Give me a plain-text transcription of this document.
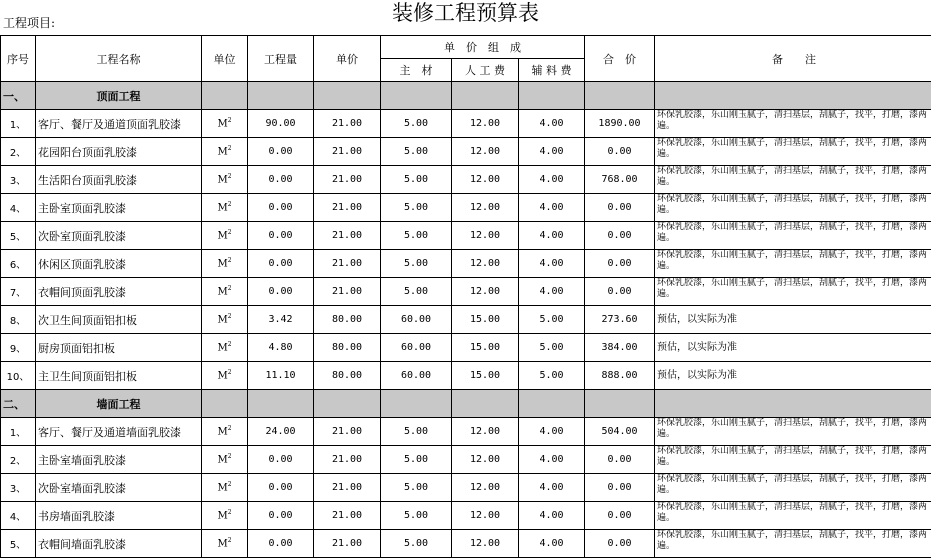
装修工程预算表
工程项目:
序号	工程名称	单位	工程量	单价	单　价　组　成			合　价	备　　注
					主　材	人 工 费	辅 料 费		
一、	顶面工程								
1、	客厅、餐厅及通道顶面乳胶漆	$M^2$	90.00	21.00	5.00	12.00	4.00	1890.00	环保乳胶漆，乐山刚玉腻子，清扫基层，刮腻子，找平，打磨，漆两遍。
2、	花园阳台顶面乳胶漆	$M^2$	0.00	21.00	5.00	12.00	4.00	0.00	环保乳胶漆，乐山刚玉腻子，清扫基层，刮腻子，找平，打磨，漆两遍。
3、	生活阳台顶面乳胶漆	$M^2$	0.00	21.00	5.00	12.00	4.00	768.00	环保乳胶漆，乐山刚玉腻子，清扫基层，刮腻子，找平，打磨，漆两遍。
4、	主卧室顶面乳胶漆	$M^2$	0.00	21.00	5.00	12.00	4.00	0.00	环保乳胶漆，乐山刚玉腻子，清扫基层，刮腻子，找平，打磨，漆两遍。
5、	次卧室顶面乳胶漆	$M^2$	0.00	21.00	5.00	12.00	4.00	0.00	环保乳胶漆，乐山刚玉腻子，清扫基层，刮腻子，找平，打磨，漆两遍。
6、	休闲区顶面乳胶漆	$M^2$	0.00	21.00	5.00	12.00	4.00	0.00	环保乳胶漆，乐山刚玉腻子，清扫基层，刮腻子，找平，打磨，漆两遍。
7、	衣帽间顶面乳胶漆	$M^2$	0.00	21.00	5.00	12.00	4.00	0.00	环保乳胶漆，乐山刚玉腻子，清扫基层，刮腻子，找平，打磨，漆两遍。
8、	次卫生间顶面铝扣板	$M^2$	3.42	80.00	60.00	15.00	5.00	273.60	预估，以实际为准
9、	厨房顶面铝扣板	$M^2$	4.80	80.00	60.00	15.00	5.00	384.00	预估，以实际为准
10、	主卫生间顶面铝扣板	$M^2$	11.10	80.00	60.00	15.00	5.00	888.00	预估，以实际为准
二、	墙面工程								
1、	客厅、餐厅及通道墙面乳胶漆	$M^2$	24.00	21.00	5.00	12.00	4.00	504.00	环保乳胶漆，乐山刚玉腻子，清扫基层，刮腻子，找平，打磨，漆两遍。
2、	主卧室墙面乳胶漆	$M^2$	0.00	21.00	5.00	12.00	4.00	0.00	环保乳胶漆，乐山刚玉腻子，清扫基层，刮腻子，找平，打磨，漆两遍。
3、	次卧室墙面乳胶漆	$M^2$	0.00	21.00	5.00	12.00	4.00	0.00	环保乳胶漆，乐山刚玉腻子，清扫基层，刮腻子，找平，打磨，漆两遍。
4、	书房墙面乳胶漆	$M^2$	0.00	21.00	5.00	12.00	4.00	0.00	环保乳胶漆，乐山刚玉腻子，清扫基层，刮腻子，找平，打磨，漆两遍。
5、	衣帽间墙面乳胶漆	$M^2$	0.00	21.00	5.00	12.00	4.00	0.00	环保乳胶漆，乐山刚玉腻子，清扫基层，刮腻子，找平，打磨，漆两遍。
